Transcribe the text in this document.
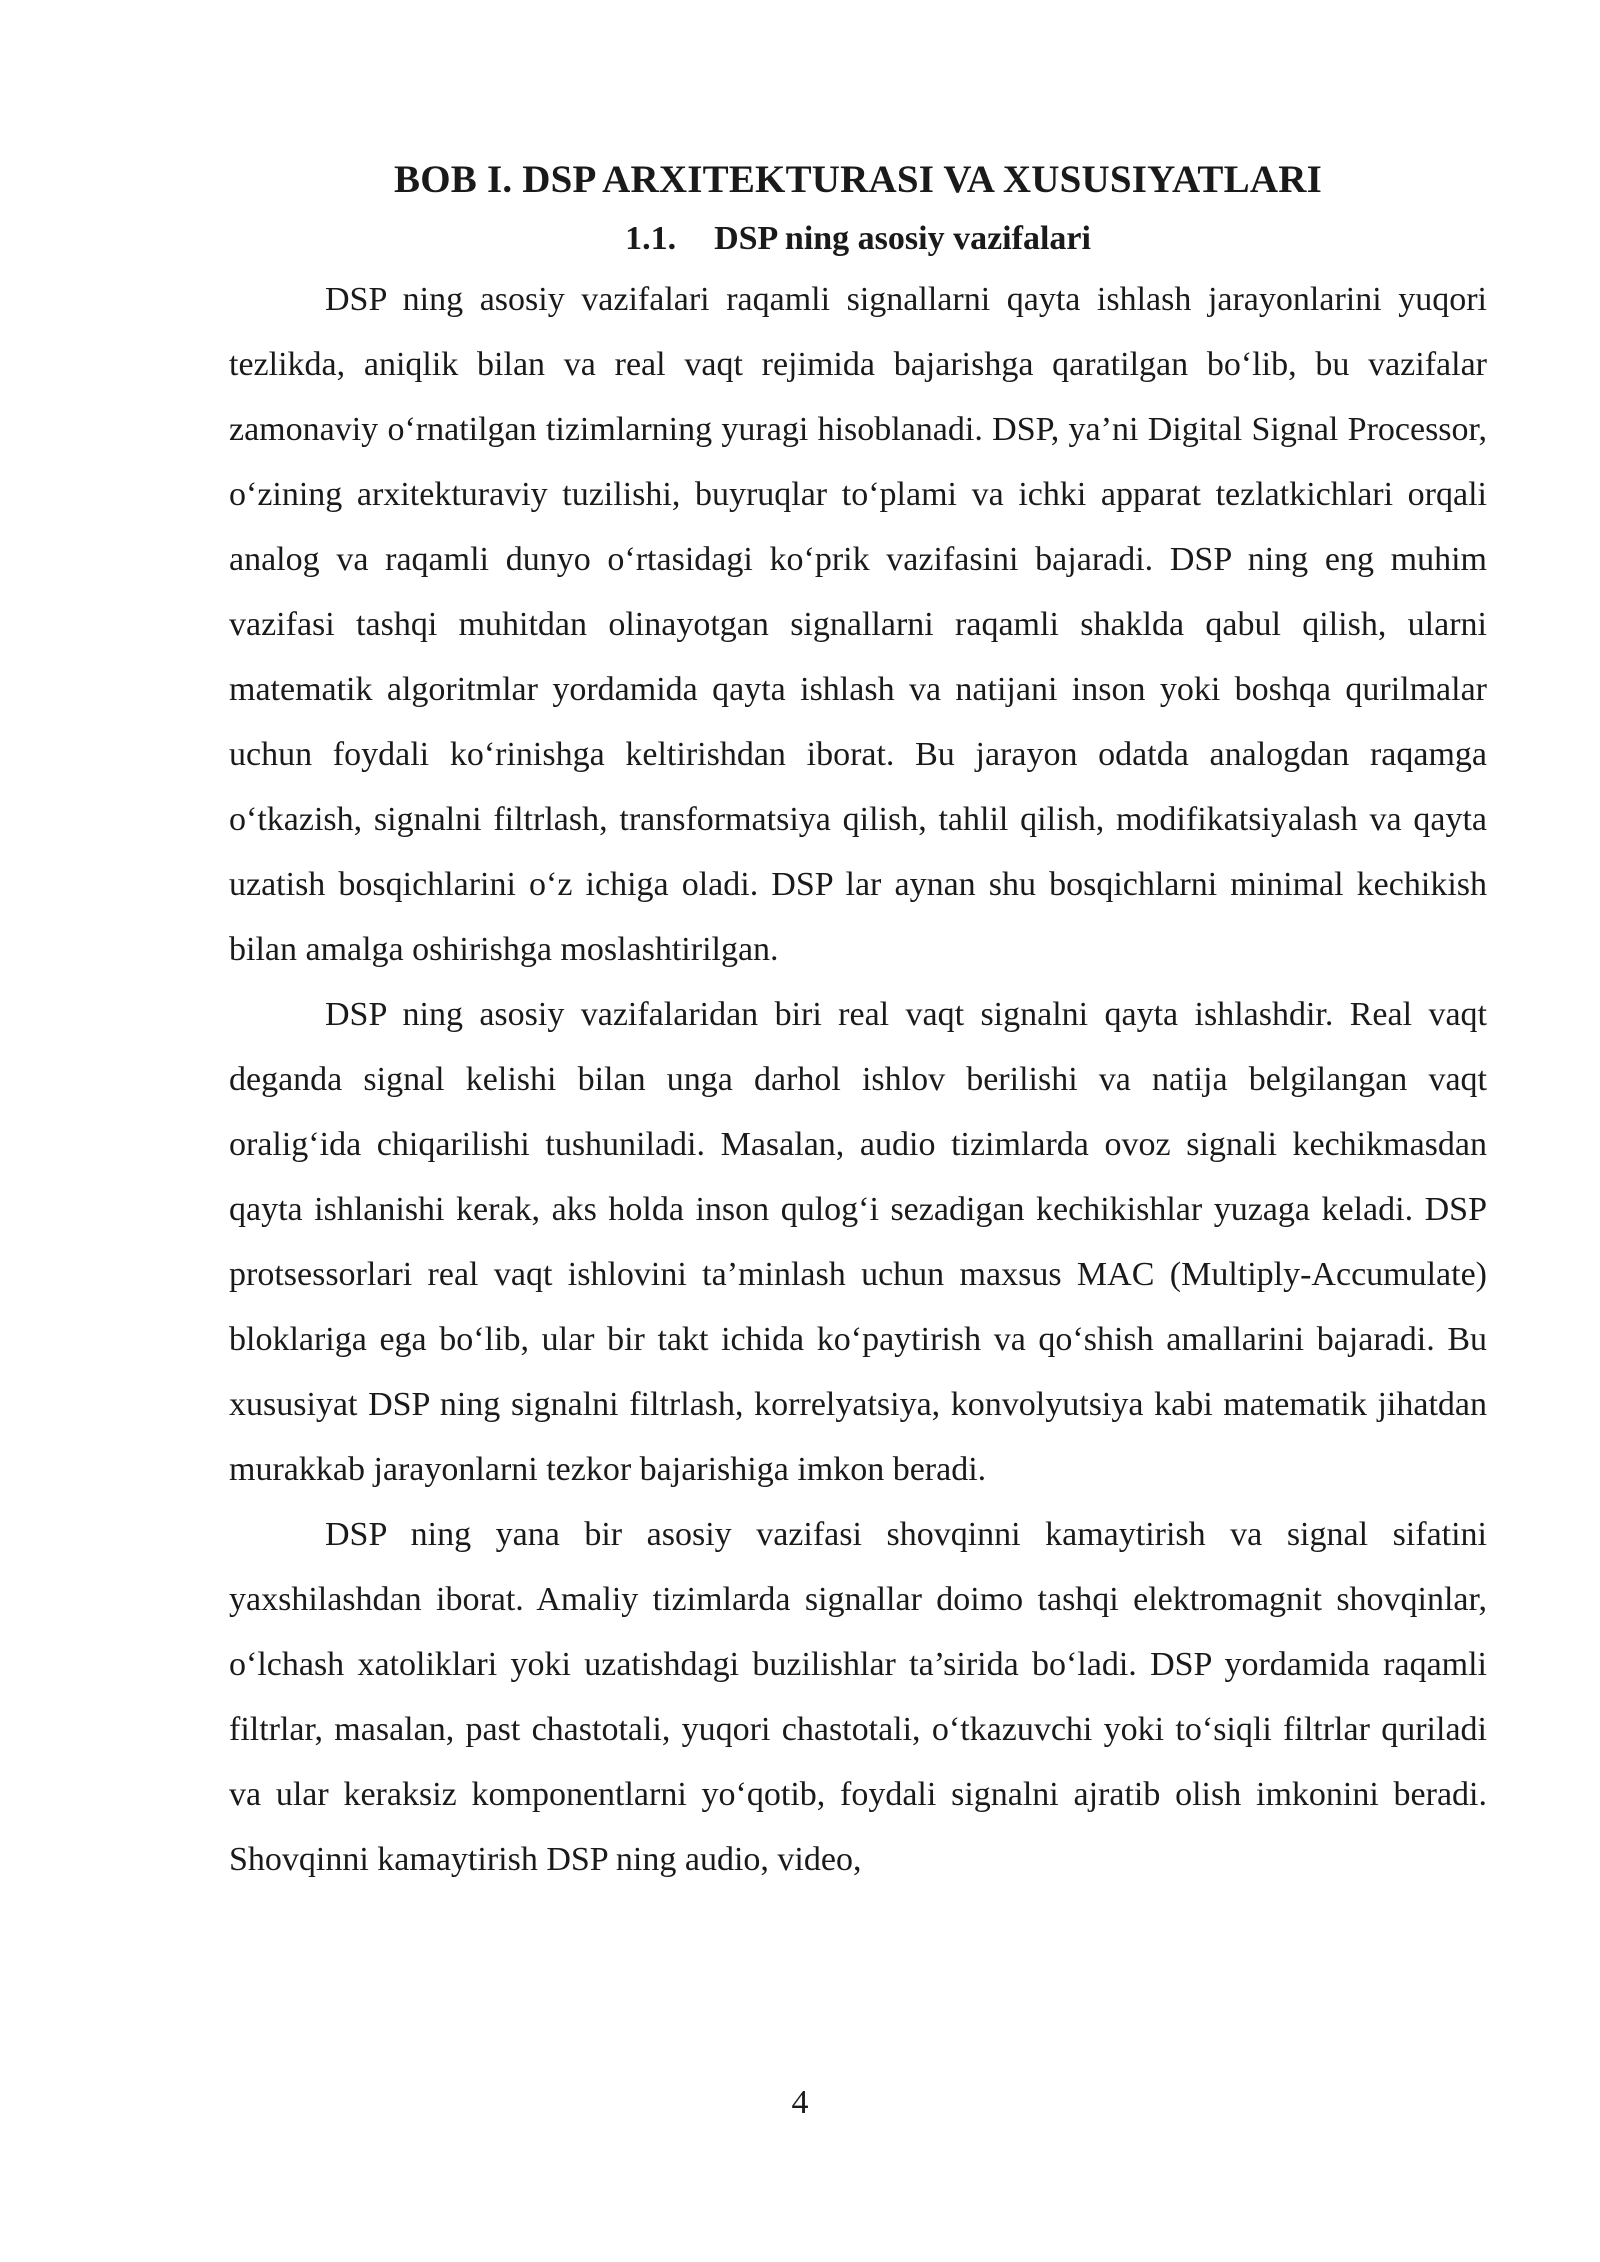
BOB I. DSP ARXITEKTURASI VA XUSUSIYATLARI
1.1. DSP ning asosiy vazifalari

DSP ning asosiy vazifalari raqamli signallarni qayta ishlash jarayonlarini yuqori tezlikda, aniqlik bilan va real vaqt rejimida bajarishga qaratilgan bo‘lib, bu vazifalar zamonaviy o‘rnatilgan tizimlarning yuragi hisoblanadi. DSP, ya’ni Digital Signal Processor, o‘zining arxitekturaviy tuzilishi, buyruqlar to‘plami va ichki apparat tezlatkichlari orqali analog va raqamli dunyo o‘rtasidagi ko‘prik vazifasini bajaradi. DSP ning eng muhim vazifasi tashqi muhitdan olinayotgan signallarni raqamli shaklda qabul qilish, ularni matematik algoritmlar yordamida qayta ishlash va natijani inson yoki boshqa qurilmalar uchun foydali ko‘rinishga keltirishdan iborat. Bu jarayon odatda analogdan raqamga o‘tkazish, signalni filtrlash, transformatsiya qilish, tahlil qilish, modifikatsiyalash va qayta uzatish bosqichlarini o‘z ichiga oladi. DSP lar aynan shu bosqichlarni minimal kechikish bilan amalga oshirishga moslashtirilgan.

DSP ning asosiy vazifalaridan biri real vaqt signalni qayta ishlashdir. Real vaqt deganda signal kelishi bilan unga darhol ishlov berilishi va natija belgilangan vaqt oralig‘ida chiqarilishi tushuniladi. Masalan, audio tizimlarda ovoz signali kechikmasdan qayta ishlanishi kerak, aks holda inson qulog‘i sezadigan kechikishlar yuzaga keladi. DSP protsessorlari real vaqt ishlovini ta’minlash uchun maxsus MAC (Multiply-Accumulate) bloklariga ega bo‘lib, ular bir takt ichida ko‘paytirish va qo‘shish amallarini bajaradi. Bu xususiyat DSP ning signalni filtrlash, korrelyatsiya, konvolyutsiya kabi matematik jihatdan murakkab jarayonlarni tezkor bajarishiga imkon beradi.

DSP ning yana bir asosiy vazifasi shovqinni kamaytirish va signal sifatini yaxshilashdan iborat. Amaliy tizimlarda signallar doimo tashqi elektromagnit shovqinlar, o‘lchash xatoliklari yoki uzatishdagi buzilishlar ta’sirida bo‘ladi. DSP yordamida raqamli filtrlar, masalan, past chastotali, yuqori chastotali, o‘tkazuvchi yoki to‘siqli filtrlar quriladi va ular keraksiz komponentlarni yo‘qotib, foydali signalni ajratib olish imkonini beradi. Shovqinni kamaytirish DSP ning audio, video,

4
